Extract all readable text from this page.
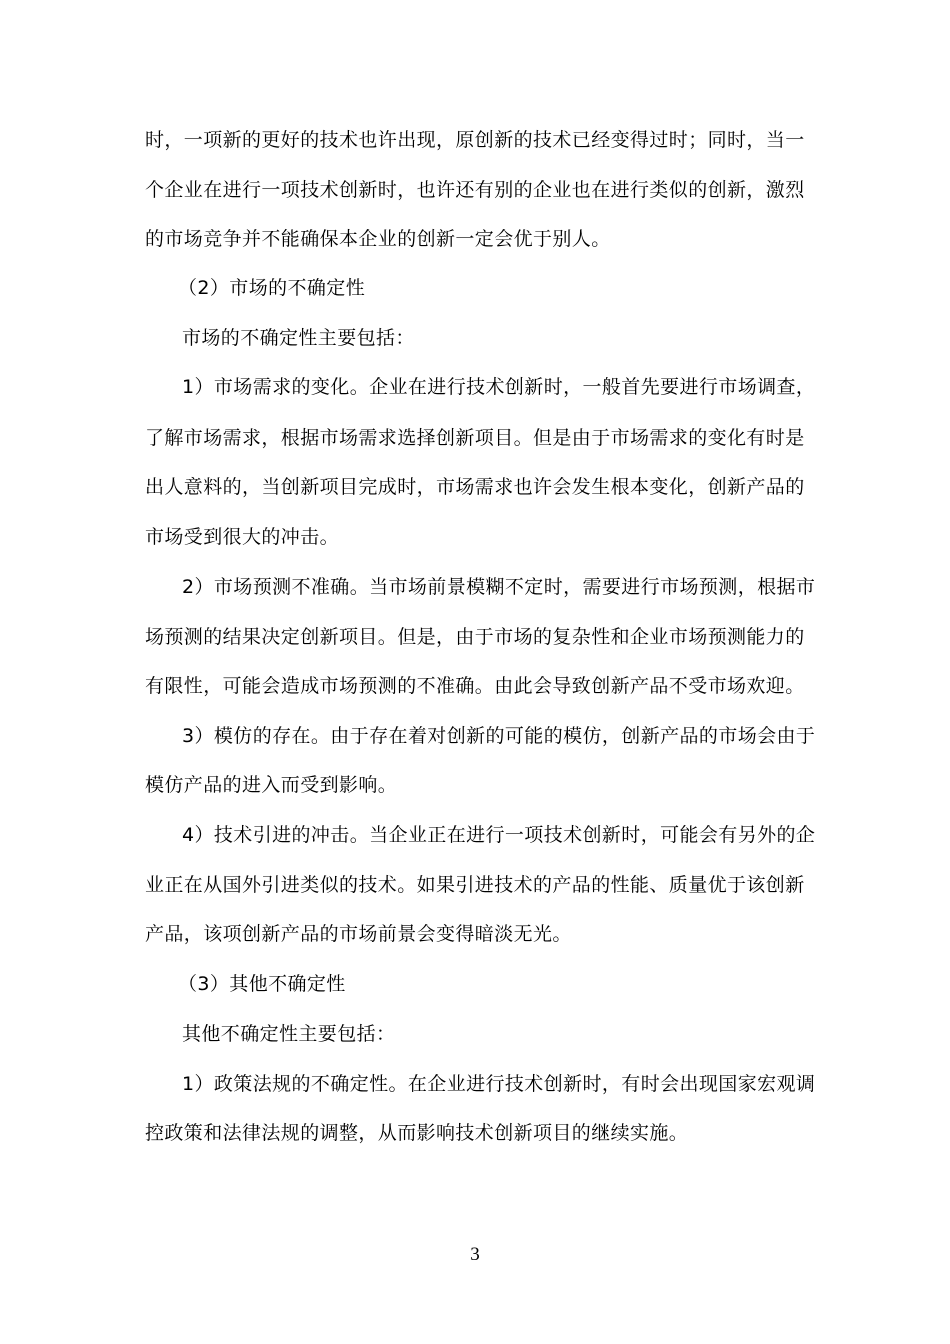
时，一项新的更好的技术也许出现，原创新的技术已经变得过时；同时，当一
个企业在进行一项技术创新时，也许还有别的企业也在进行类似的创新，激烈
的市场竞争并不能确保本企业的创新一定会优于别人。
（2）市场的不确定性
市场的不确定性主要包括：
1）市场需求的变化。企业在进行技术创新时，一般首先要进行市场调查，
了解市场需求，根据市场需求选择创新项目。但是由于市场需求的变化有时是
出人意料的，当创新项目完成时，市场需求也许会发生根本变化，创新产品的
市场受到很大的冲击。
2）市场预测不准确。当市场前景模糊不定时，需要进行市场预测，根据市
场预测的结果决定创新项目。但是，由于市场的复杂性和企业市场预测能力的
有限性，可能会造成市场预测的不准确。由此会导致创新产品不受市场欢迎。
3）模仿的存在。由于存在着对创新的可能的模仿，创新产品的市场会由于
模仿产品的进入而受到影响。
4）技术引进的冲击。当企业正在进行一项技术创新时，可能会有另外的企
业正在从国外引进类似的技术。如果引进技术的产品的性能、质量优于该创新
产品，该项创新产品的市场前景会变得暗淡无光。
（3）其他不确定性
其他不确定性主要包括：
1）政策法规的不确定性。在企业进行技术创新时，有时会出现国家宏观调
控政策和法律法规的调整，从而影响技术创新项目的继续实施。
3
